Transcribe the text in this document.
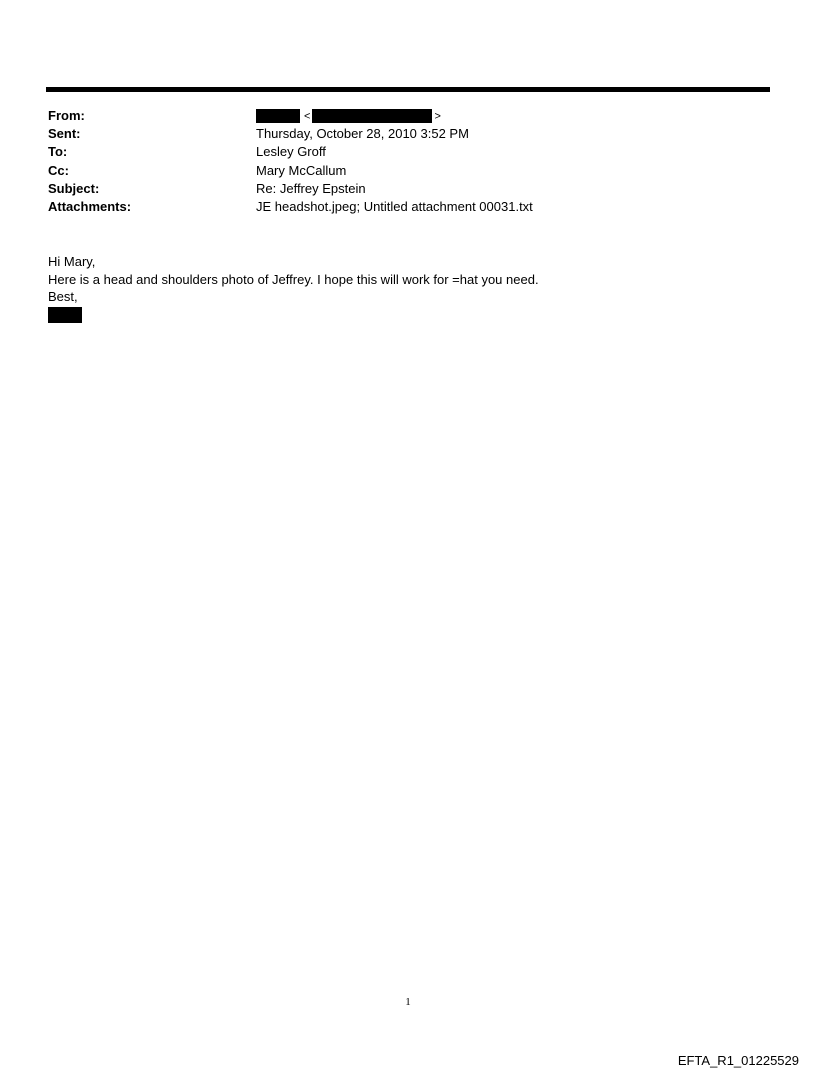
From:	<	>
Sent:	Thursday, October 28, 2010 3:52 PM
To:	Lesley Groff
Cc:	Mary McCallum
Subject:	Re: Jeffrey Epstein
Attachments:	JE headshot.jpeg; Untitled attachment 00031.txt
Hi Mary,
Here is a head and shoulders photo of Jeffrey. I hope this will work for =hat you need.
Best,
1
EFTA_R1_01225529
